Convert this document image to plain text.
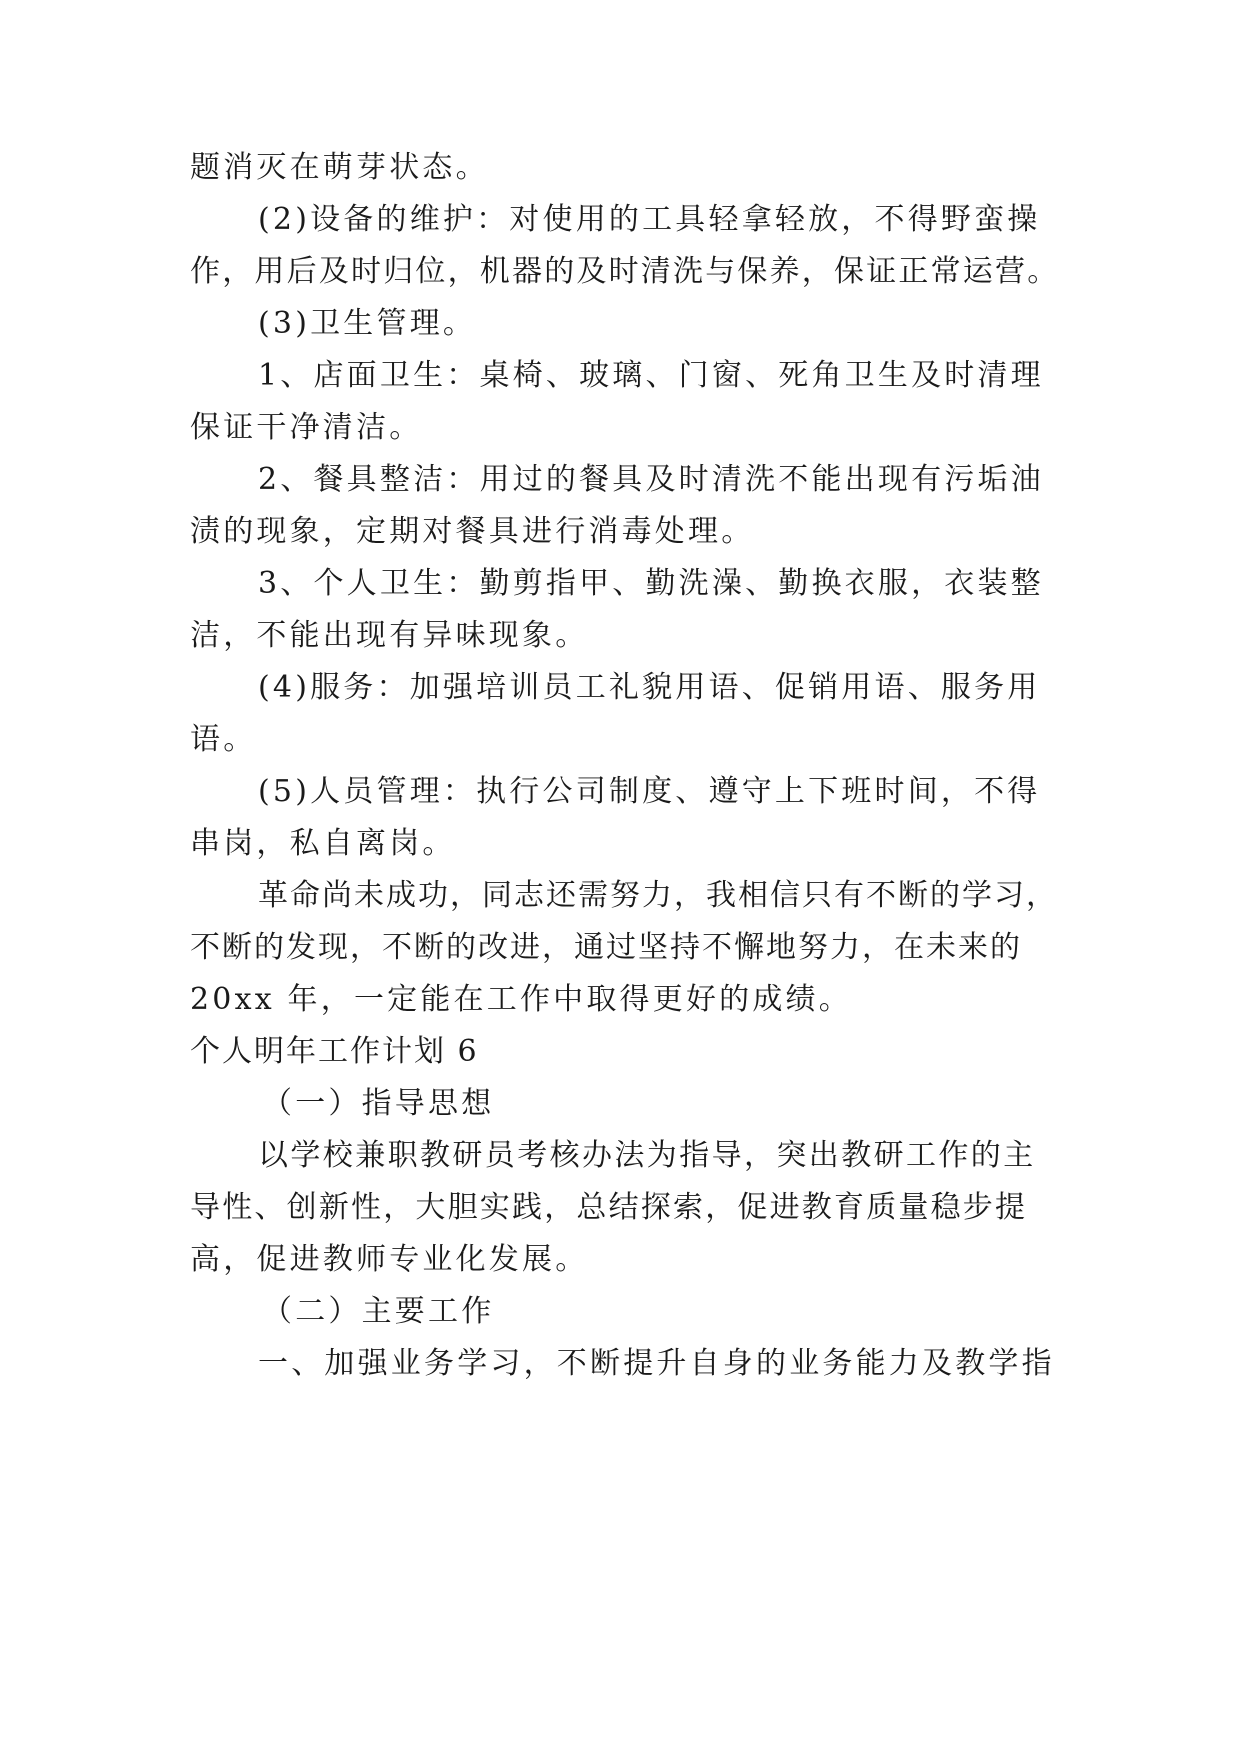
题消灭在萌芽状态。
(2)设备的维护：对使用的工具轻拿轻放，不得野蛮操
作，用后及时归位，机器的及时清洗与保养，保证正常运营。
(3)卫生管理。
1、店面卫生：桌椅、玻璃、门窗、死角卫生及时清理
保证干净清洁。
2、餐具整洁：用过的餐具及时清洗不能出现有污垢油
渍的现象，定期对餐具进行消毒处理。
3、个人卫生：勤剪指甲、勤洗澡、勤换衣服，衣装整
洁，不能出现有异味现象。
(4)服务：加强培训员工礼貌用语、促销用语、服务用
语。
(5)人员管理：执行公司制度、遵守上下班时间，不得
串岗，私自离岗。
革命尚未成功，同志还需努力，我相信只有不断的学习，
不断的发现，不断的改进，通过坚持不懈地努力，在未来的
20xx 年，一定能在工作中取得更好的成绩。
个人明年工作计划 6
（一）指导思想
以学校兼职教研员考核办法为指导，突出教研工作的主
导性、创新性，大胆实践，总结探索，促进教育质量稳步提
高，促进教师专业化发展。
（二）主要工作
一、加强业务学习，不断提升自身的业务能力及教学指
